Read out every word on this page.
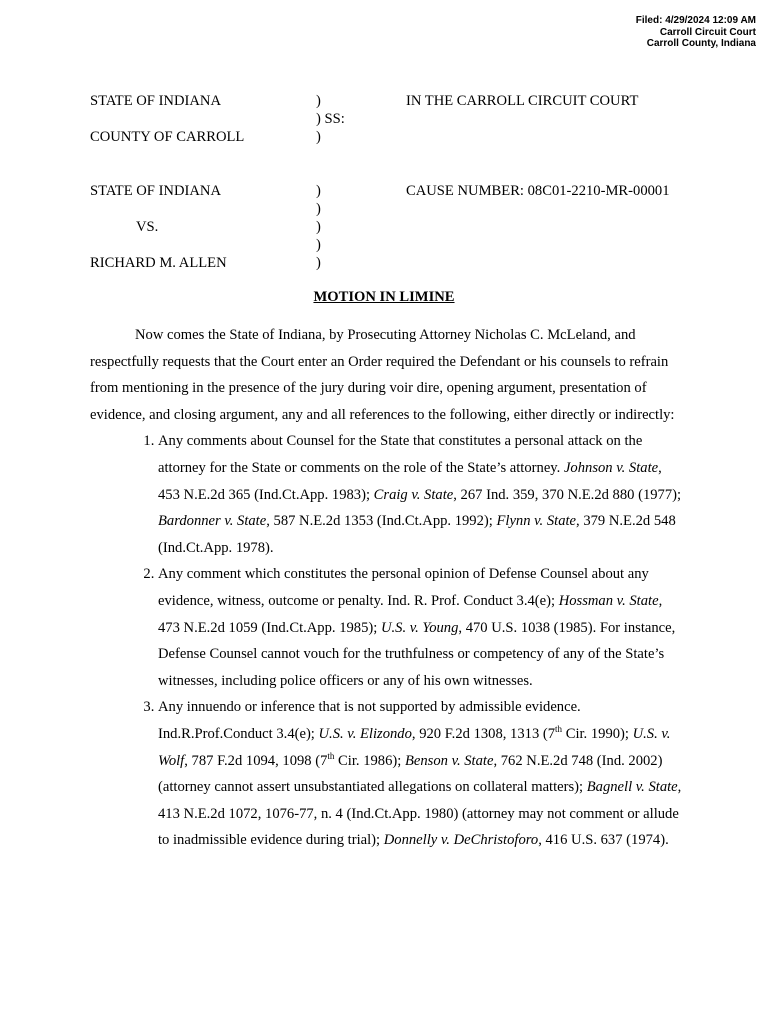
Filed: 4/29/2024 12:09 AM
Carroll Circuit Court
Carroll County, Indiana
STATE OF INDIANA	)	IN THE CARROLL CIRCUIT COURT
) SS:
COUNTY OF CARROLL	)
STATE OF INDIANA	)	CAUSE NUMBER: 08C01-2210-MR-00001
)
VS.	)
)
RICHARD M. ALLEN	)
MOTION IN LIMINE

Now comes the State of Indiana, by Prosecuting Attorney Nicholas C. McLeland, and respectfully requests that the Court enter an Order required the Defendant or his counsels to refrain from mentioning in the presence of the jury during voir dire, opening argument, presentation of evidence, and closing argument, any and all references to the following, either directly or indirectly:

1. Any comments about Counsel for the State that constitutes a personal attack on the attorney for the State or comments on the role of the State’s attorney. Johnson v. State, 453 N.E.2d 365 (Ind.Ct.App. 1983); Craig v. State, 267 Ind. 359, 370 N.E.2d 880 (1977); Bardonner v. State, 587 N.E.2d 1353 (Ind.Ct.App. 1992); Flynn v. State, 379 N.E.2d 548 (Ind.Ct.App. 1978).
2. Any comment which constitutes the personal opinion of Defense Counsel about any evidence, witness, outcome or penalty. Ind. R. Prof. Conduct 3.4(e); Hossman v. State, 473 N.E.2d 1059 (Ind.Ct.App. 1985); U.S. v. Young, 470 U.S. 1038 (1985). For instance, Defense Counsel cannot vouch for the truthfulness or competency of any of the State’s witnesses, including police officers or any of his own witnesses.
3. Any innuendo or inference that is not supported by admissible evidence. Ind.R.Prof.Conduct 3.4(e); U.S. v. Elizondo, 920 F.2d 1308, 1313 (7th Cir. 1990); U.S. v. Wolf, 787 F.2d 1094, 1098 (7th Cir. 1986); Benson v. State, 762 N.E.2d 748 (Ind. 2002) (attorney cannot assert unsubstantiated allegations on collateral matters); Bagnell v. State, 413 N.E.2d 1072, 1076-77, n. 4 (Ind.Ct.App. 1980) (attorney may not comment or allude to inadmissible evidence during trial); Donnelly v. DeChristoforo, 416 U.S. 637 (1974).
